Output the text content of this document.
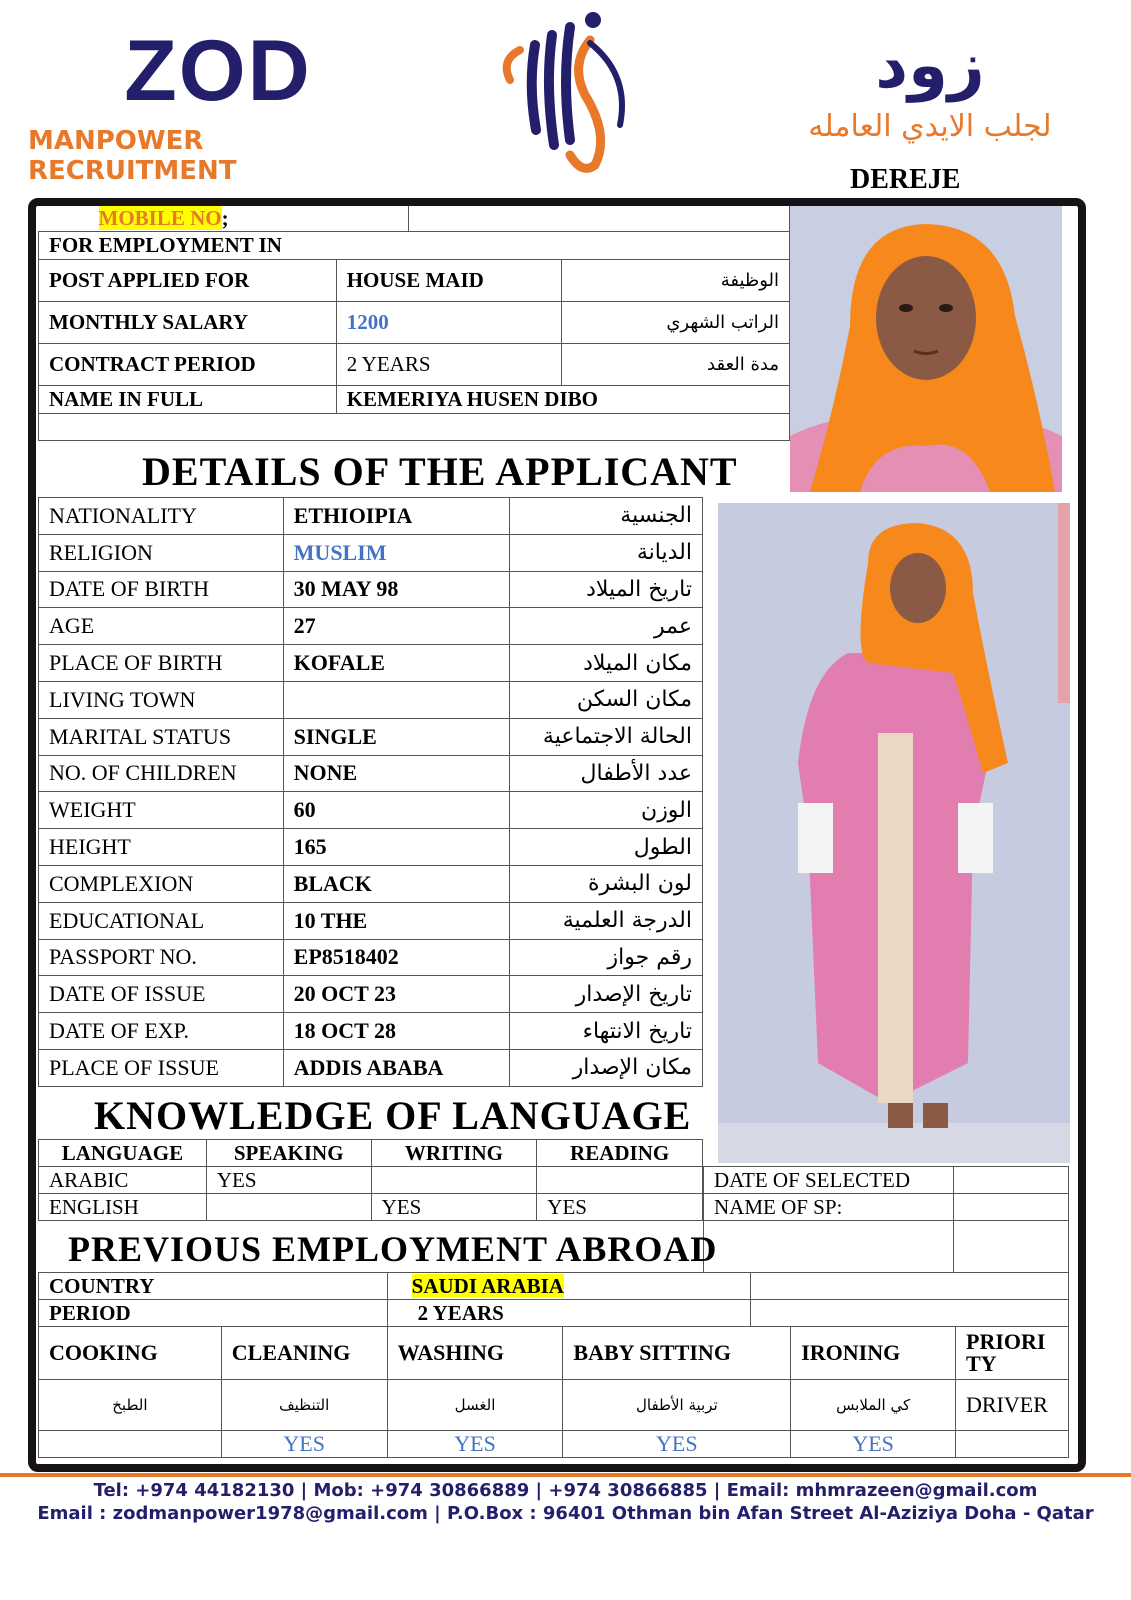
ZOD
MANPOWER RECRUITMENT
زود
لجلب الايدي العامله
DEREJE
MOBILE NO;			
FOR EMPLOYMENT IN			
POST APPLIED FOR	HOUSE MAID		الوظيفة
MONTHLY SALARY	1200		الراتب الشهري
CONTRACT PERIOD	2 YEARS		مدة العقد
NAME IN FULL	KEMERIYA HUSEN DIBO		

DETAILS OF THE APPLICANT
NATIONALITY	ETHIOIPIA	الجنسية
RELIGION	MUSLIM	الديانة
DATE OF BIRTH	30 MAY 98	تاريخ الميلاد
AGE	27	عمر
PLACE OF BIRTH	KOFALE	مكان الميلاد
LIVING TOWN		مكان السكن
MARITAL STATUS	SINGLE	الحالة الاجتماعية
NO. OF CHILDREN	NONE	عدد الأطفال
WEIGHT	60	الوزن
HEIGHT	165	الطول
COMPLEXION	BLACK	لون البشرة
EDUCATIONAL	10 THE	الدرجة العلمية
PASSPORT NO.	EP8518402	رقم جواز
DATE OF ISSUE	20 OCT 23	تاريخ الإصدار
DATE OF EXP.	18 OCT 28	تاريخ الانتهاء
PLACE OF ISSUE	ADDIS ABABA	مكان الإصدار
KNOWLEDGE OF LANGUAGE
LANGUAGE	SPEAKING	WRITING	READING
ARABIC	YES		
ENGLISH		YES	YES
DATE OF SELECTED	
NAME OF SP:	

PREVIOUS EMPLOYMENT ABROAD
COUNTRY	SAUDI ARABIA	
PERIOD	2 YEARS	
COOKING	CLEANING	WASHING	BABY SITTING	IRONING	PRIORI TY
الطبخ	التنظيف	الغسل	تربية الأطفال	كي الملابس	DRIVER
	YES	YES	YES	YES	
Tel: +974 44182130 | Mob: +974 30866889 | +974 30866885 | Email: mhmrazeen@gmail.com
Email : zodmanpower1978@gmail.com | P.O.Box : 96401 Othman bin Afan Street Al-Aziziya Doha - Qatar
